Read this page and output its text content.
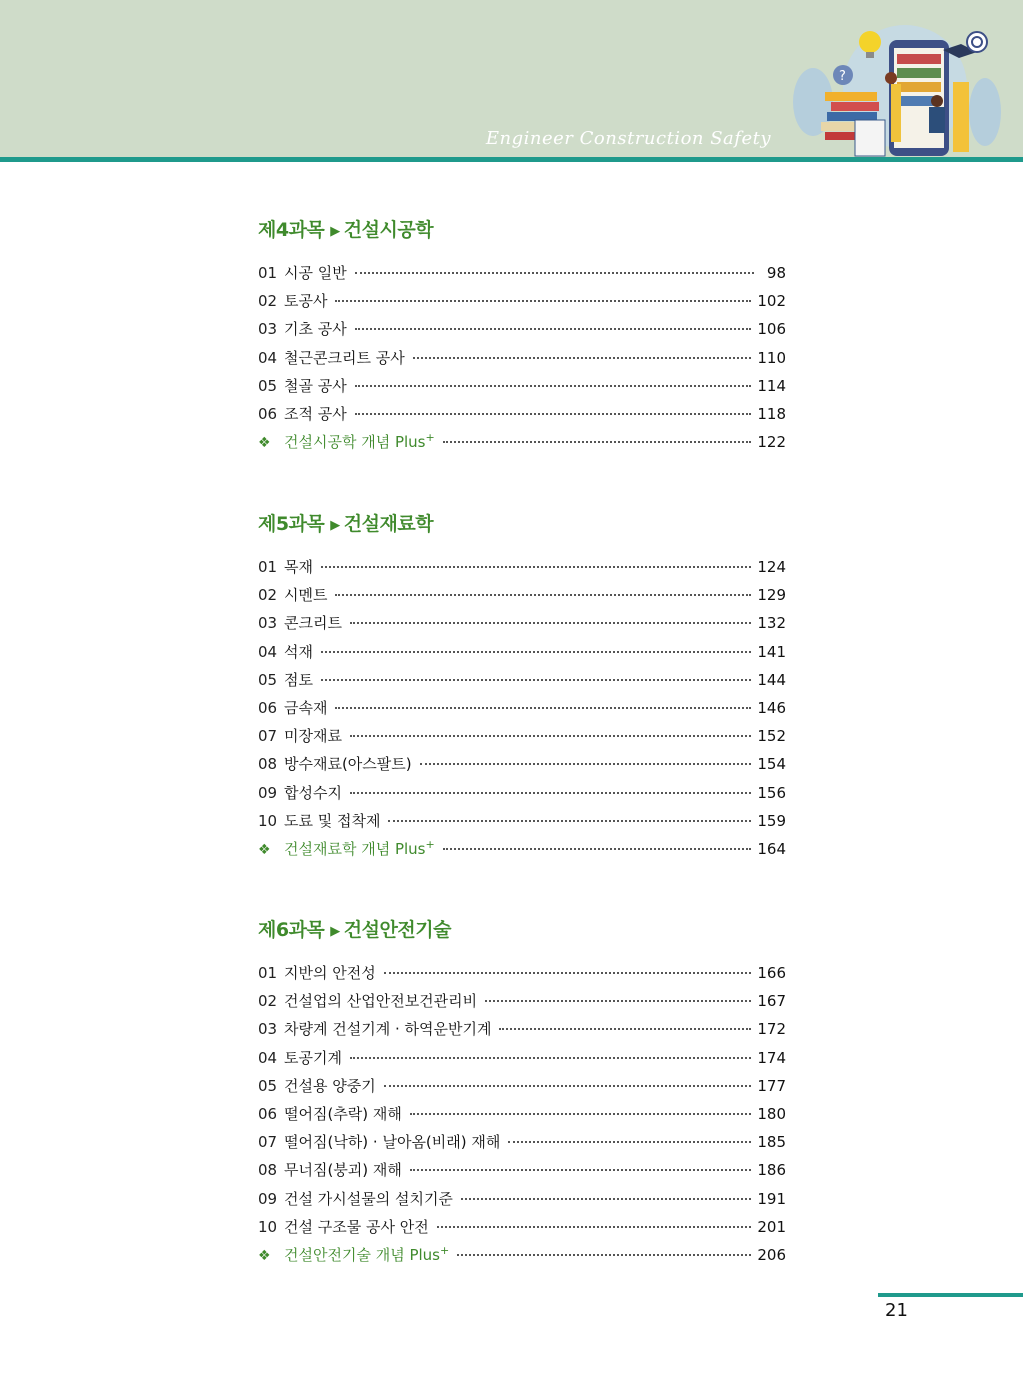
Engineer Construction Safety
?
제4과목 ▶ 건설시공학
01 시공 일반	98
02 토공사	102
03 기초 공사	106
04 철근콘크리트 공사	110
05 철골 공사	114
06 조적 공사	118
❖ 건설시공학 개념 Plus+	122
제5과목 ▶ 건설재료학
01 목재	124
02 시멘트	129
03 콘크리트	132
04 석재	141
05 점토	144
06 금속재	146
07 미장재료	152
08 방수재료(아스팔트)	154
09 합성수지	156
10 도료 및 접착제	159
❖ 건설재료학 개념 Plus+	164
제6과목 ▶ 건설안전기술
01 지반의 안전성	166
02 건설업의 산업안전보건관리비	167
03 차량계 건설기계 · 하역운반기계	172
04 토공기계	174
05 건설용 양중기	177
06 떨어짐(추락) 재해	180
07 떨어짐(낙하) · 날아옴(비래) 재해	185
08 무너짐(붕괴) 재해	186
09 건설 가시설물의 설치기준	191
10 건설 구조물 공사 안전	201
❖ 건설안전기술 개념 Plus+	206
21
